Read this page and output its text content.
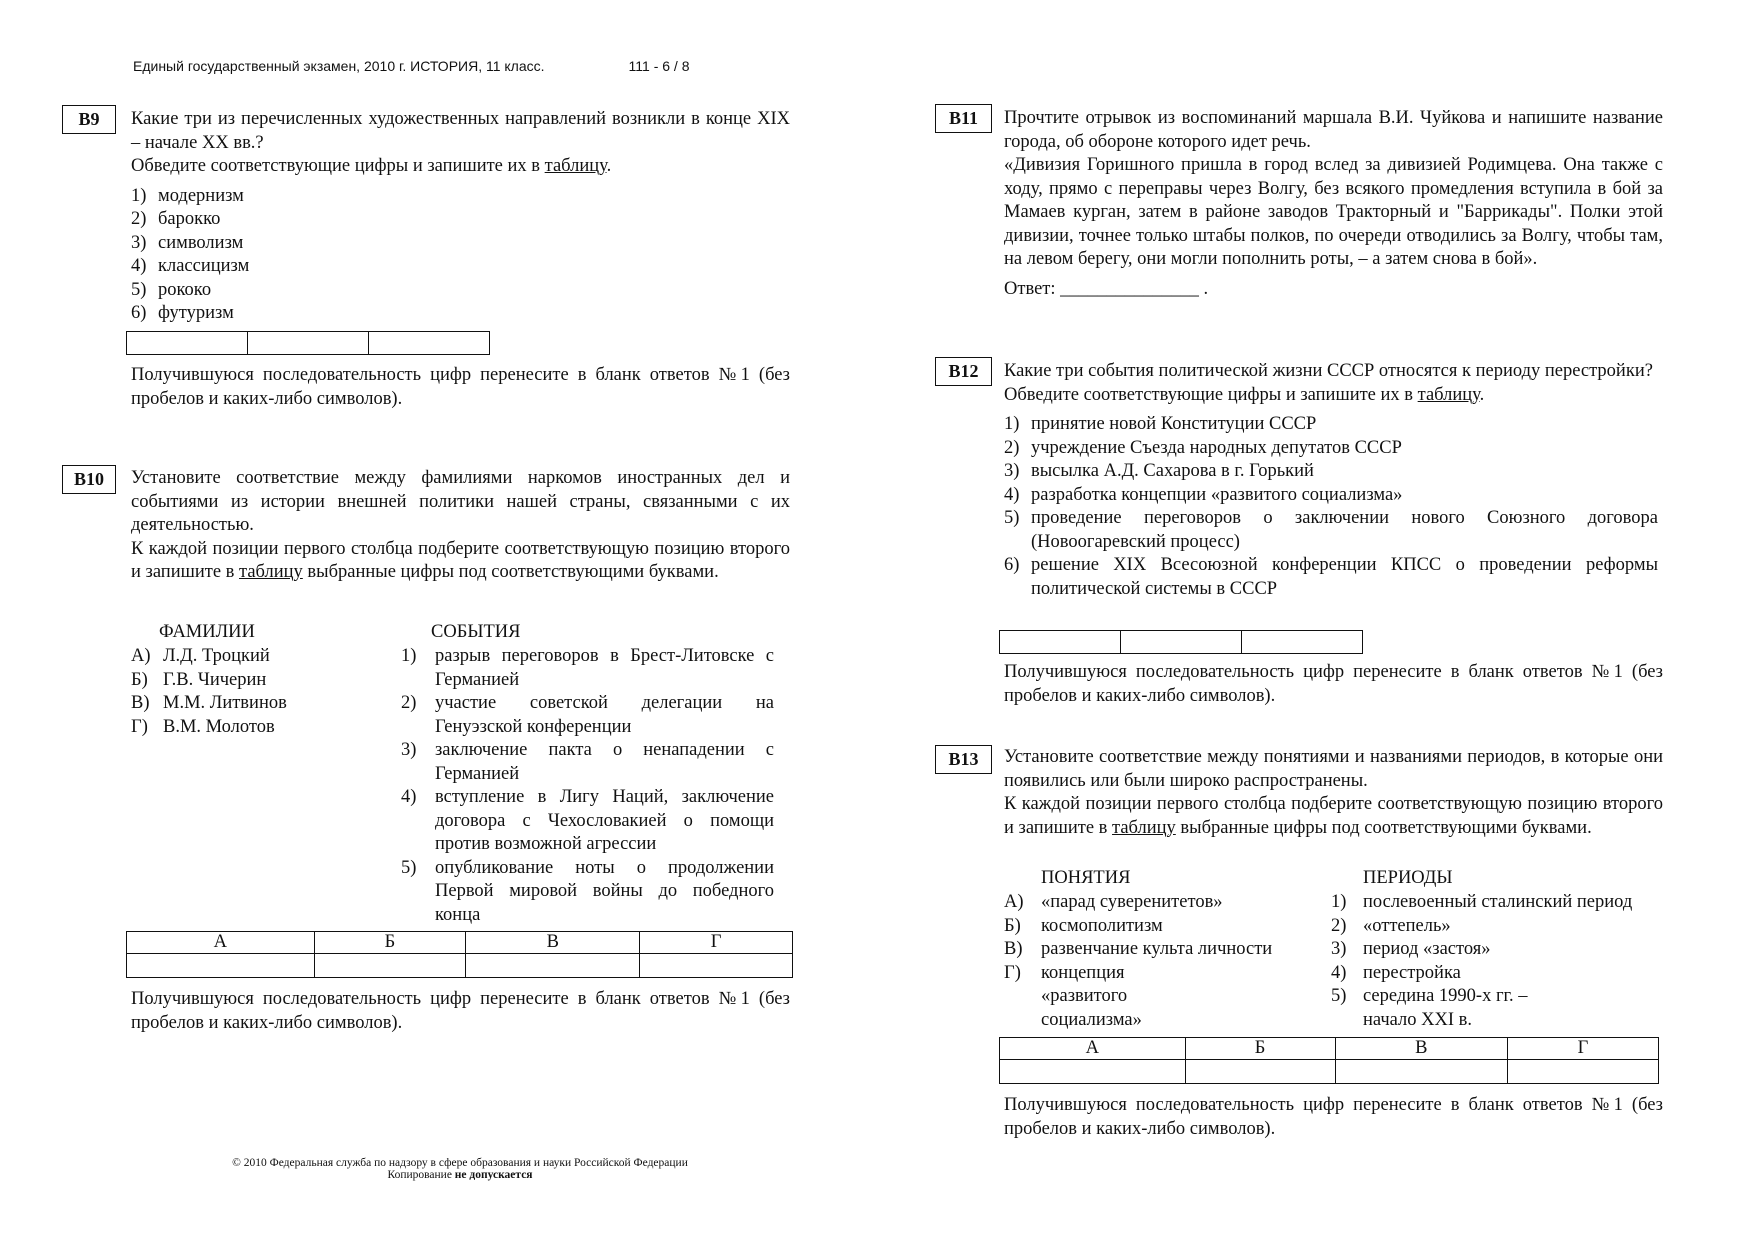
Единый государственный экзамен, 2010 г. ИСТОРИЯ, 11 класс.	111 - 6 / 8
В9	Какие три из перечисленных художественных направлений возникли в конце XIX – начале XX вв.?

Обведите соответствующие цифры и запишите их в таблицу.

1) модернизм
2) барокко
3) символизм
4) классицизм
5) рококо
6) футуризм

Получившуюся последовательность цифр перенесите в бланк ответов №1 (без пробелов и каких-либо символов).
В10	Установите соответствие между фамилиями наркомов иностранных дел и событиями из истории внешней политики нашей страны, связанными с их деятельностью.

К каждой позиции первого столбца подберите соответствующую позицию второго и запишите в таблицу выбранные цифры под соответствующими буквами.

ФАМИЛИИ	СОБЫТИЯ
А) Л.Д. Троцкий
Б) Г.В. Чичерин
В) М.М. Литвинов
Г) В.М. Молотов
1)	разрыв переговоров в Брест-Литовске с Германией
2)	участие советской делегации на Генуэзской конференции
3)	заключение пакта о ненападении с Германией
4)	вступление в Лигу Наций, заключение договора с Чехословакией о помощи против возможной агрессии
5)	опубликование ноты о продолжении Первой мировой войны до победного конца
А	Б	В	Г

Получившуюся последовательность цифр перенесите в бланк ответов №1 (без пробелов и каких-либо символов).
В11	Прочтите отрывок из воспоминаний маршала В.И. Чуйкова и напишите название города, об обороне которого идет речь.

«Дивизия Горишного пришла в город вслед за дивизией Родимцева. Она также с ходу, прямо с переправы через Волгу, без всякого промедления вступила в бой за Мамаев курган, затем в районе заводов Тракторный и "Баррикады". Полки этой дивизии, точнее только штабы полков, по очереди отводились за Волгу, чтобы там, на левом берегу, они могли пополнить роты, – а затем снова в бой».

Ответ: _______________ .

В12	Какие три события политической жизни СССР относятся к периоду перестройки?

Обведите соответствующие цифры и запишите их в таблицу.

1) принятие новой Конституции СССР
2) учреждение Съезда народных депутатов СССР
3) высылка А.Д. Сахарова в г. Горький
4) разработка концепции «развитого социализма»
5) проведение переговоров о заключении нового Союзного договора (Новоогаревский процесс)
6) решение XIX Всесоюзной конференции КПСС о проведении реформы политической системы в СССР

Получившуюся последовательность цифр перенесите в бланк ответов №1 (без пробелов и каких-либо символов).
В13	Установите соответствие между понятиями и названиями периодов, в которые они появились или были широко распространены.

К каждой позиции первого столбца подберите соответствующую позицию второго и запишите в таблицу выбранные цифры под соответствующими буквами.

ПОНЯТИЯ	ПЕРИОДЫ
А) «парад суверенитетов»
Б)	космополитизм
В)	развенчание культа личности
Г)	концепция «развитого социализма»
1) послевоенный сталинский период
2) «оттепель»
3) период «застоя»
4) перестройка
5) середина 1990-х гг. – начало XXI в.
А	Б	В	Г

Получившуюся последовательность цифр перенесите в бланк ответов №1 (без пробелов и каких-либо символов).
© 2010 Федеральная служба по надзору в сфере образования и науки Российской Федерации
Копирование не допускается
